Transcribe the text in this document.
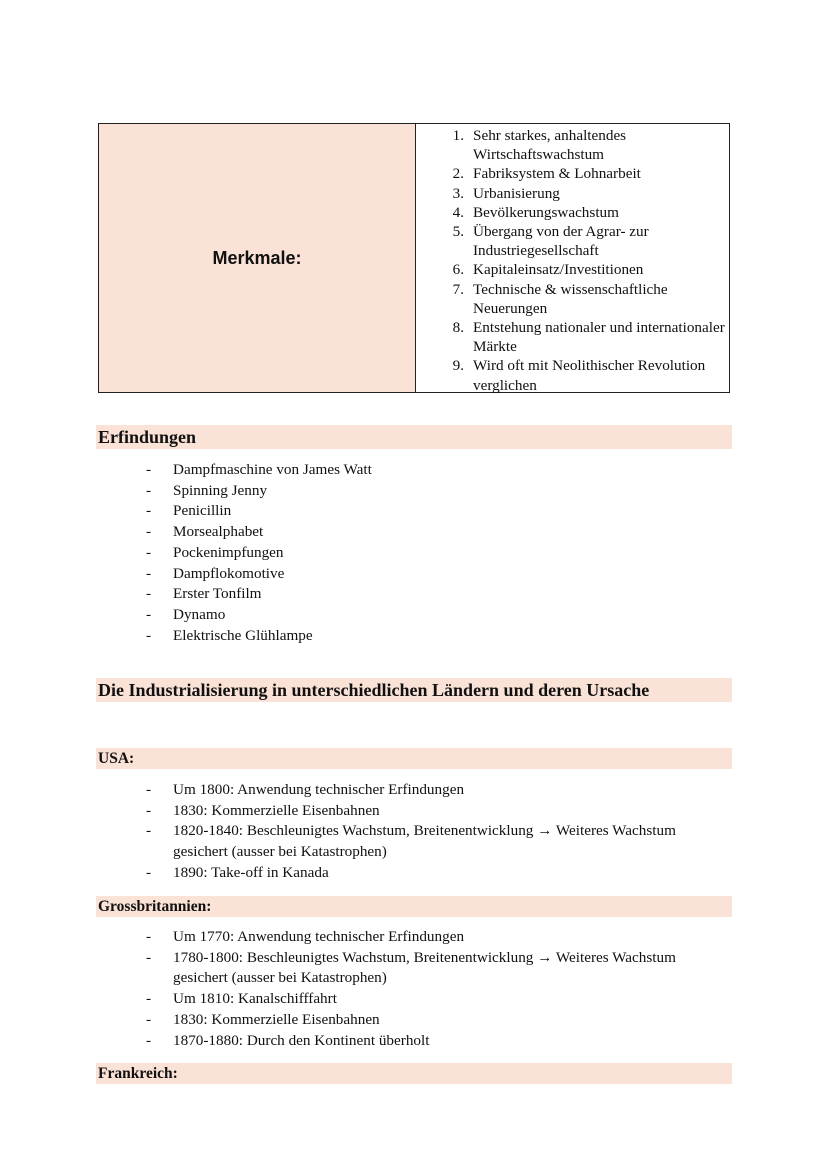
Merkmale:
1. Sehr starkes, anhaltendes Wirtschaftswachstum
2. Fabriksystem & Lohnarbeit
3. Urbanisierung
4. Bevölkerungswachstum
5. Übergang von der Agrar- zur Industriegesellschaft
6. Kapitaleinsatz/Investitionen
7. Technische & wissenschaftliche Neuerungen
8. Entstehung nationaler und internationaler Märkte
9. Wird oft mit Neolithischer Revolution verglichen
Erfindungen
-	Dampfmaschine von James Watt
-	Spinning Jenny
-	Penicillin
-	Morsealphabet
-	Pockenimpfungen
-	Dampflokomotive
-	Erster Tonfilm
-	Dynamo
-	Elektrische Glühlampe
Die Industrialisierung in unterschiedlichen Ländern und deren Ursache
USA:
-	Um 1800: Anwendung technischer Erfindungen
-	1830: Kommerzielle Eisenbahnen
-	1820-1840: Beschleunigtes Wachstum, Breitenentwicklung → Weiteres Wachstum gesichert (ausser bei Katastrophen)
-	1890: Take-off in Kanada
Grossbritannien:
-	Um 1770: Anwendung technischer Erfindungen
-	1780-1800: Beschleunigtes Wachstum, Breitenentwicklung → Weiteres Wachstum gesichert (ausser bei Katastrophen)
-	Um 1810: Kanalschifffahrt
-	1830: Kommerzielle Eisenbahnen
-	1870-1880: Durch den Kontinent überholt
Frankreich:
